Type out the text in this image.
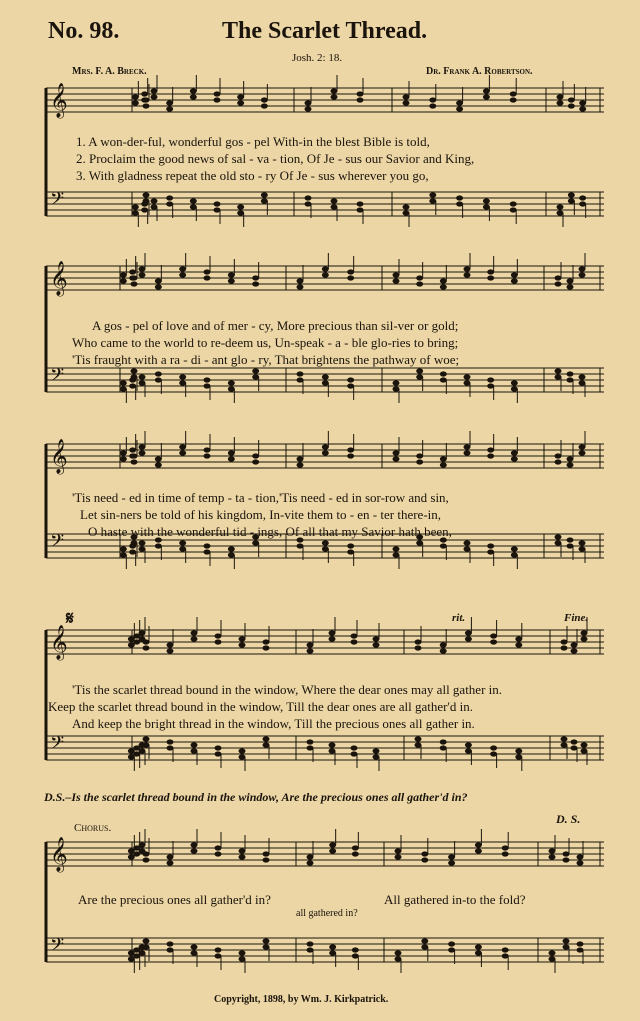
No. 98.	The Scarlet Thread.
Josh. 2: 18.
Mrs. F. A. Breck.	Dr. Frank A. Robertson.
𝄞
𝄢
𝄞
𝄢
𝄞
𝄢
𝄞
𝄢
𝄞
𝄢
1. A won-der-ful, wonderful gos - pel With-in the blest Bible is told,
2. Proclaim the good news of sal - va - tion, Of Je - sus our Savior and King,
3. With gladness repeat the old sto - ry Of Je - sus wherever you go,
A gos - pel of love and of mer - cy, More precious than sil-ver or gold;
Who came to the world to re-deem us, Un-speak - a - ble glo-ries to bring;
'Tis fraught with a ra - di - ant glo - ry, That brightens the pathway of woe;
'Tis need - ed in time of temp - ta - tion,'Tis need - ed in sor-row and sin,
Let sin-ners be told of his kingdom, In-vite them to - en - ter there-in,
O haste with the wonderful tid - ings, Of all that my Savior hath been,
'Tis the scarlet thread bound in the window, Where the dear ones may all gather in.
Keep the scarlet thread bound in the window, Till the dear ones are all gather'd in.
And keep the bright thread in the window, Till the precious ones all gather in.
𝄋	rit.	Fine.
D.S.–Is the scarlet thread bound in the window, Are the precious ones all gather'd in?
Chorus.
D. S.
Are the precious ones all gather'd in?	All gathered in-to the fold?
all gathered in?
Copyright, 1898, by Wm. J. Kirkpatrick.
